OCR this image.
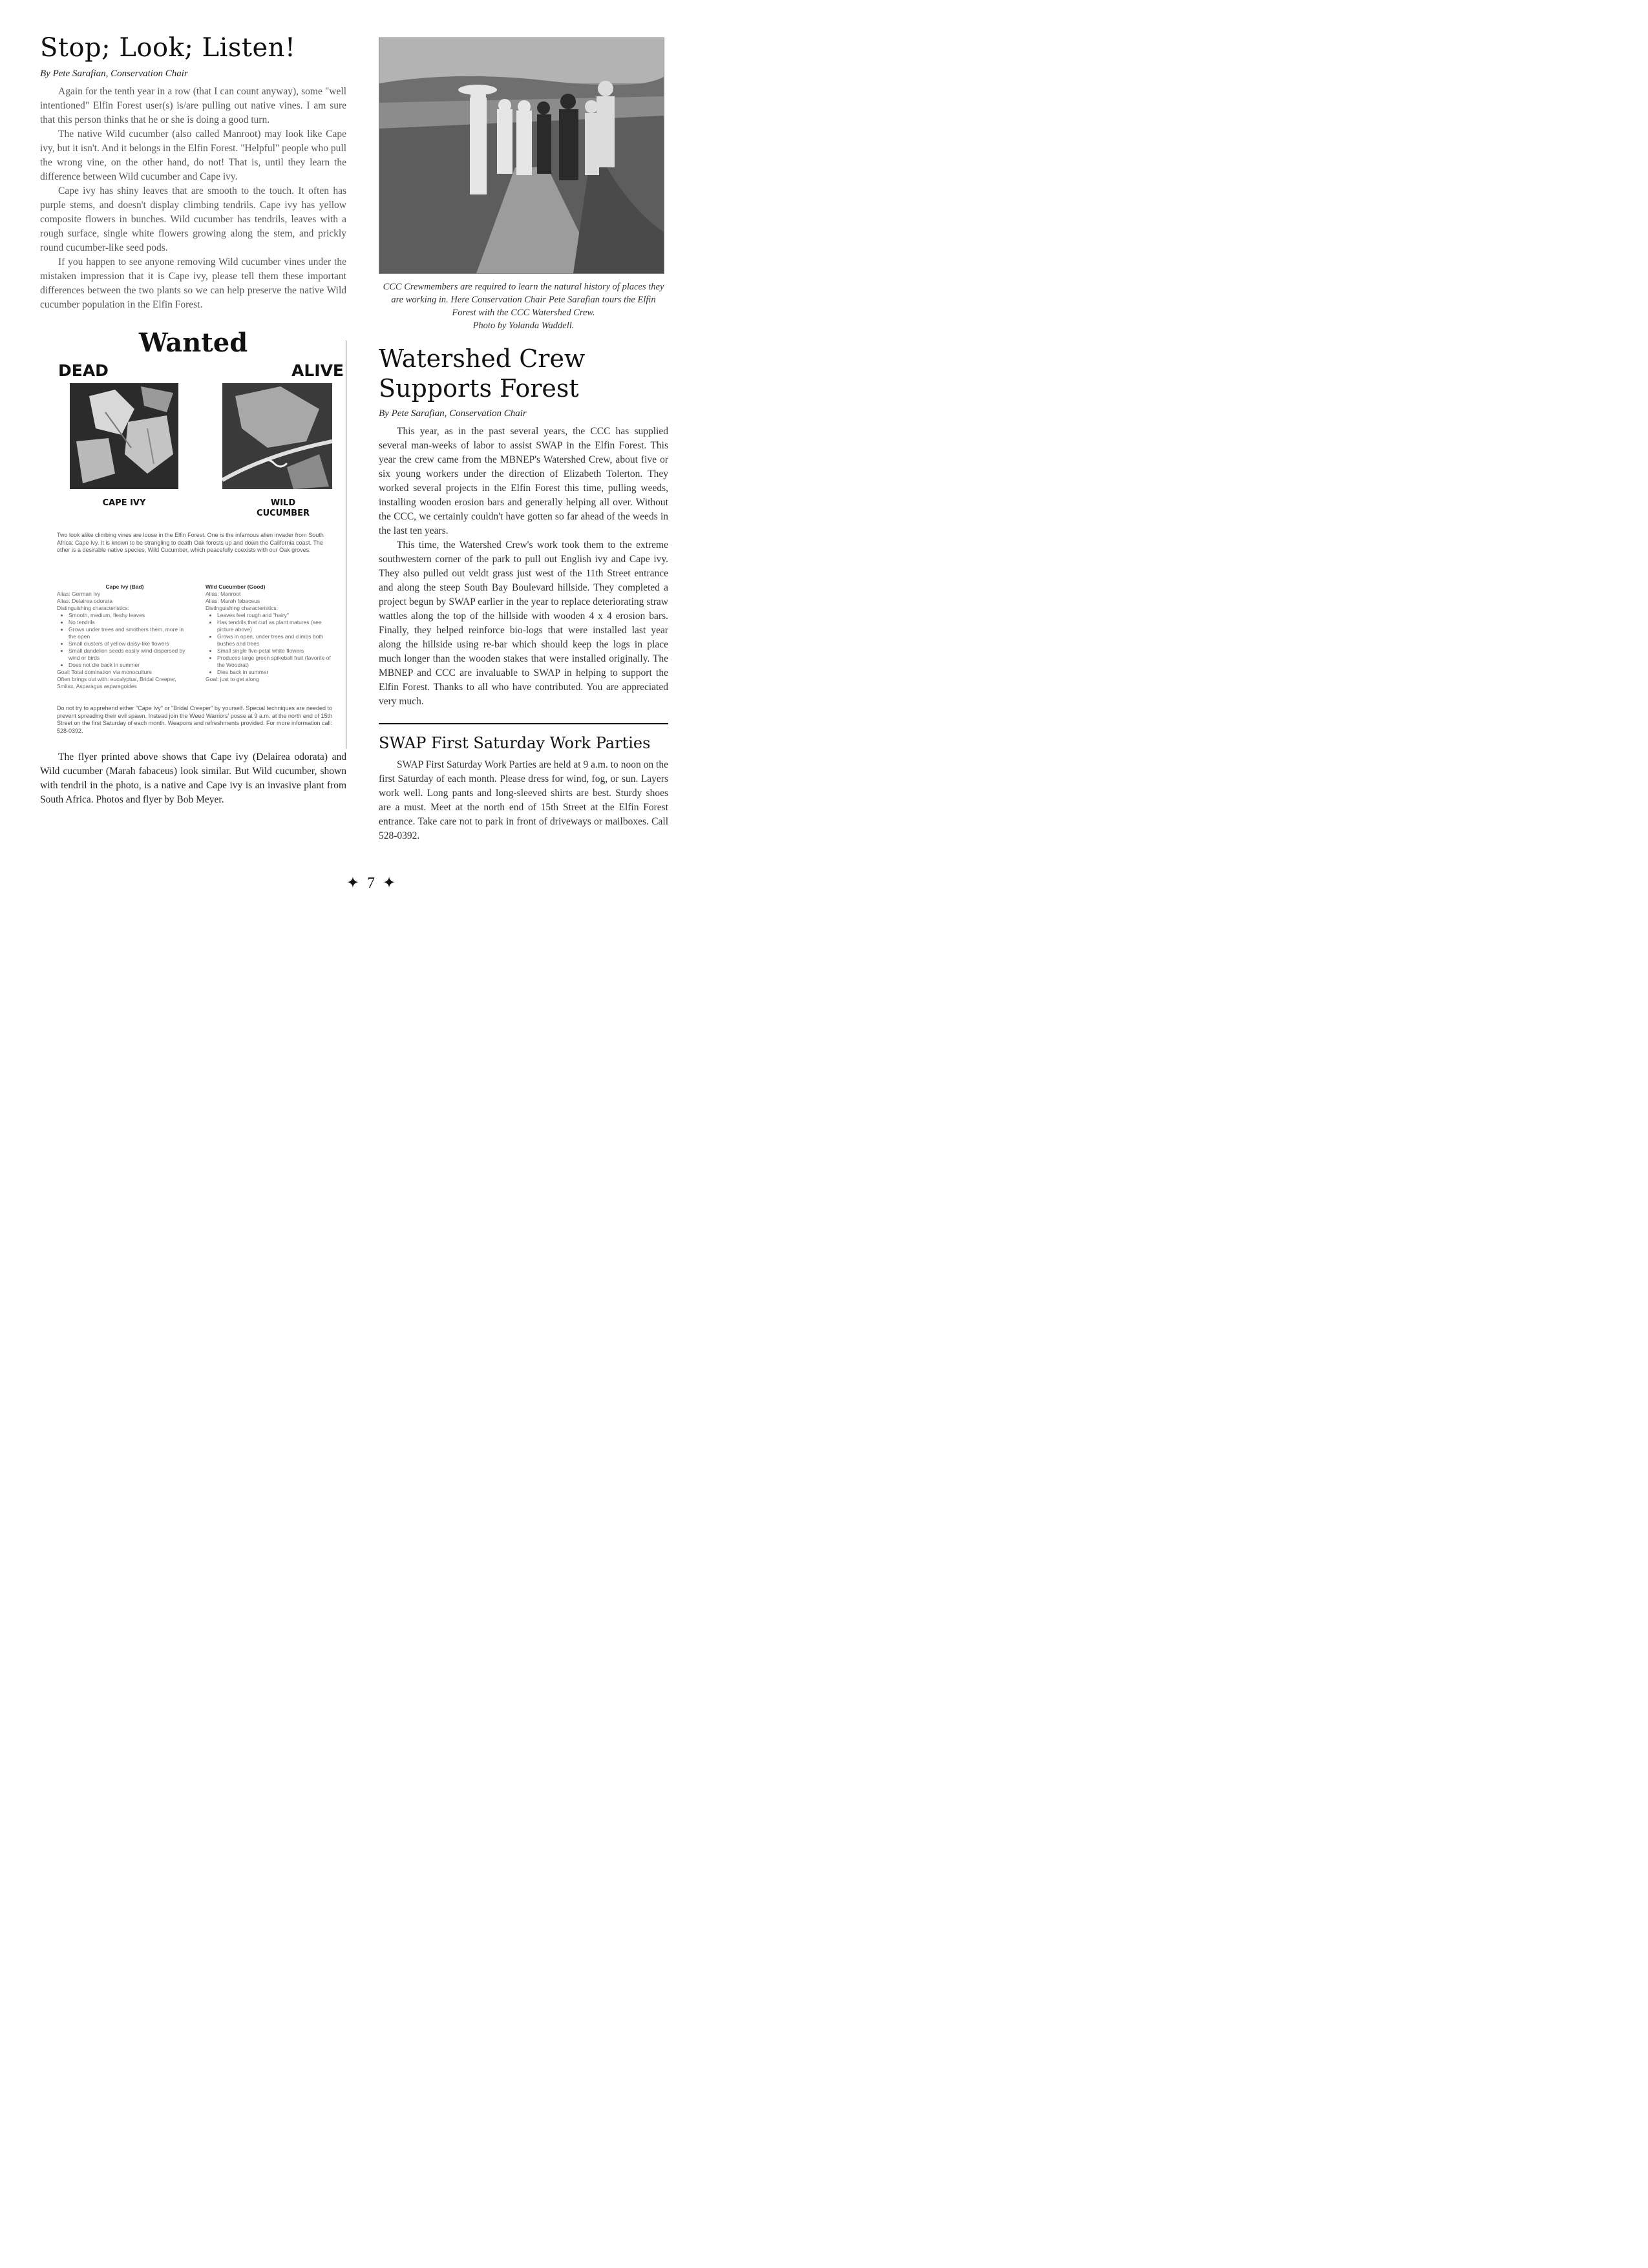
Stop; Look; Listen!
By Pete Sarafian, Conservation Chair

Again for the tenth year in a row (that I can count anyway), some "well intentioned" Elfin Forest user(s) is/are pulling out native vines. I am sure that this person thinks that he or she is doing a good turn.

The native Wild cucumber (also called Manroot) may look like Cape ivy, but it isn't. And it belongs in the Elfin Forest. "Helpful" people who pull the wrong vine, on the other hand, do not! That is, until they learn the difference between Wild cucumber and Cape ivy.

Cape ivy has shiny leaves that are smooth to the touch. It often has purple stems, and doesn't display climbing tendrils. Cape ivy has yellow composite flowers in bunches. Wild cucumber has tendrils, leaves with a rough surface, single white flowers growing along the stem, and prickly round cucumber-like seed pods.

If you happen to see anyone removing Wild cucumber vines under the mistaken impression that it is Cape ivy, please tell them these important differences between the two plants so we can help preserve the native Wild cucumber population in the Elfin Forest.

Wanted
DEAD	ALIVE
CAPE IVY	WILD
CUCUMBER
Two look alike climbing vines are loose in the Elfin Forest. One is the infamous alien invader from South Africa: Cape Ivy. It is known to be strangling to death Oak forests up and down the California coast. The other is a desirable native species, Wild Cucumber, which peacefully coexists with our Oak groves.
Cape Ivy (Bad)
Alias: German Ivy
Alias: Delairea odorata
Distinguishing characteristics:
• Smooth, medium, fleshy leaves
• No tendrils
• Grows under trees and smothers them, more in the open
• Small clusters of yellow daisy-like flowers
• Small dandelion seeds easily wind-dispersed by wind or birds
• Does not die back in summer
Goal: Total domination via monoculture
Often brings out with: eucalyptus, Bridal Creeper, Smilax, Asparagus asparagoides
Wild Cucumber (Good)
Alias: Manroot
Alias: Marah fabaceus
Distinguishing characteristics:
• Leaves feel rough and "hairy"
• Has tendrils that curl as plant matures (see picture above)
• Grows in open, under trees and climbs both bushes and trees
• Small single five-petal white flowers
• Produces large green spikeball fruit (favorite of the Woodrat)
• Dies back in summer
Goal: just to get along
Do not try to apprehend either "Cape Ivy" or "Bridal Creeper" by yourself. Special techniques are needed to prevent spreading their evil spawn. Instead join the Weed Warriors' posse at 9 a.m. at the north end of 15th Street on the first Saturday of each month. Weapons and refreshments provided. For more information call: 528-0392.

The flyer printed above shows that Cape ivy (Delairea odorata) and Wild cucumber (Marah fabaceus) look similar. But Wild cucumber, shown with tendril in the photo, is a native and Cape ivy is an invasive plant from South Africa. Photos and flyer by Bob Meyer.

CCC Crewmembers are required to learn the natural history of places they are working in. Here Conservation Chair Pete Sarafian tours the Elfin Forest with the CCC Watershed Crew.
Photo by Yolanda Waddell.
Watershed Crew Supports Forest
By Pete Sarafian, Conservation Chair

This year, as in the past several years, the CCC has supplied several man-weeks of labor to assist SWAP in the Elfin Forest. This year the crew came from the MBNEP's Watershed Crew, about five or six young workers under the direction of Elizabeth Tolerton. They worked several projects in the Elfin Forest this time, pulling weeds, installing wooden erosion bars and generally helping all over. Without the CCC, we certainly couldn't have gotten so far ahead of the weeds in the last ten years.

This time, the Watershed Crew's work took them to the extreme southwestern corner of the park to pull out English ivy and Cape ivy. They also pulled out veldt grass just west of the 11th Street entrance and along the steep South Bay Boulevard hillside. They completed a project begun by SWAP earlier in the year to replace deteriorating straw wattles along the top of the hillside with wooden 4 x 4 erosion bars. Finally, they helped reinforce bio-logs that were installed last year along the hillside using re-bar which should keep the logs in place much longer than the wooden stakes that were installed originally. The MBNEP and CCC are invaluable to SWAP in helping to support the Elfin Forest. Thanks to all who have contributed. You are appreciated very much.

SWAP First Saturday Work Parties

SWAP First Saturday Work Parties are held at 9 a.m. to noon on the first Saturday of each month. Please dress for wind, fog, or sun. Layers work well. Long pants and long-sleeved shirts are best. Sturdy shoes are a must. Meet at the north end of 15th Street at the Elfin Forest entrance. Take care not to park in front of driveways or mailboxes. Call 528-0392.

✦ 7 ✦
